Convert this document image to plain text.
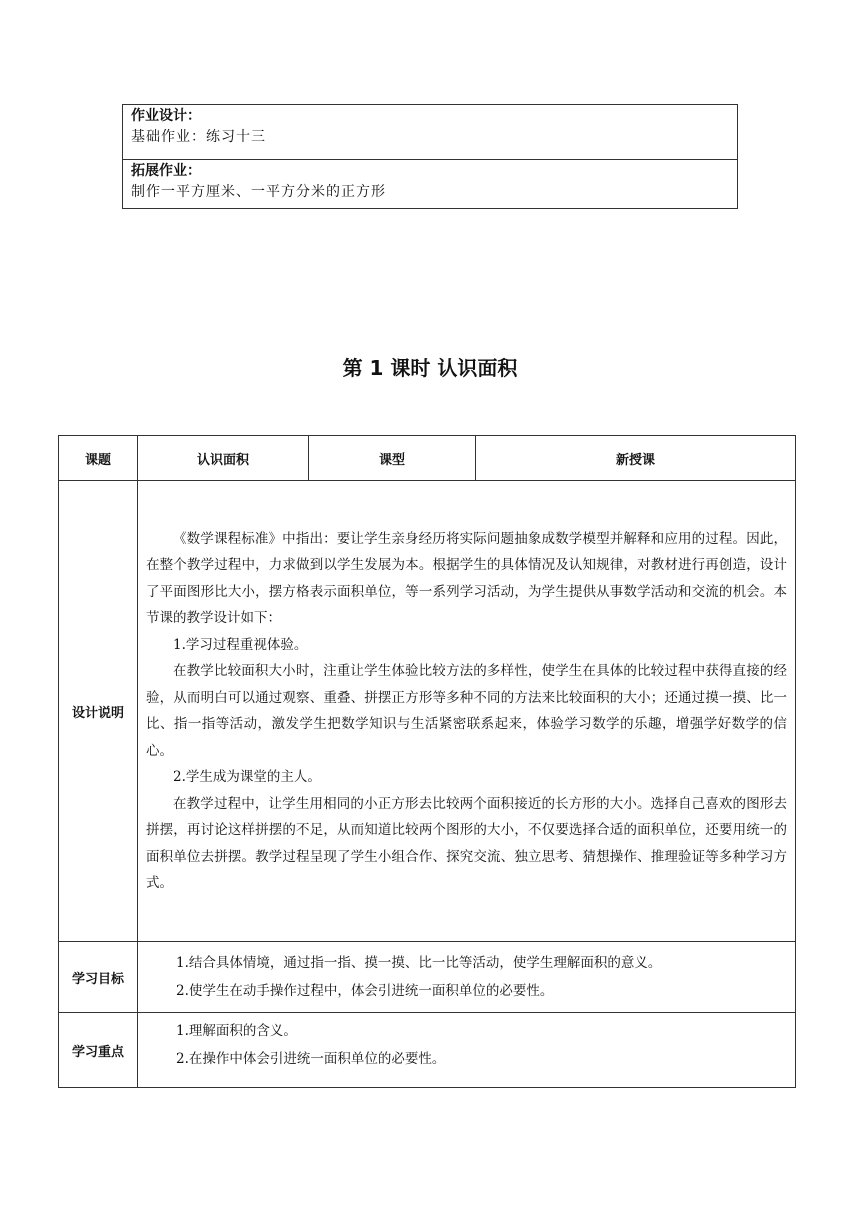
作业设计：
基础作业：练习十三

拓展作业：
制作一平方厘米、一平方分米的正方形
第 1 课时 认识面积
课题	认识面积	课型	新授课
设计说明	《数学课程标准》中指出：要让学生亲身经历将实际问题抽象成数学模型并解释和应用的过程。因此，在整个教学过程中，力求做到以学生发展为本。根据学生的具体情况及认知规律，对教材进行再创造，设计了平面图形比大小，摆方格表示面积单位，等一系列学习活动，为学生提供从事数学活动和交流的机会。本节课的教学设计如下：

1.学习过程重视体验。

在教学比较面积大小时，注重让学生体验比较方法的多样性，使学生在具体的比较过程中获得直接的经验，从而明白可以通过观察、重叠、拼摆正方形等多种不同的方法来比较面积的大小；还通过摸一摸、比一比、指一指等活动，激发学生把数学知识与生活紧密联系起来，体验学习数学的乐趣，增强学好数学的信心。

2.学生成为课堂的主人。

在教学过程中，让学生用相同的小正方形去比较两个面积接近的长方形的大小。选择自己喜欢的图形去拼摆，再讨论这样拼摆的不足，从而知道比较两个图形的大小，不仅要选择合适的面积单位，还要用统一的面积单位去拼摆。教学过程呈现了学生小组合作、探究交流、独立思考、猜想操作、推理验证等多种学习方式。		

学习目标	1.结合具体情境，通过指一指、摸一摸、比一比等活动，使学生理解面积的意义。

2.使学生在动手操作过程中，体会引进统一面积单位的必要性。		

学习重点	1.理解面积的含义。

2.在操作中体会引进统一面积单位的必要性。		
